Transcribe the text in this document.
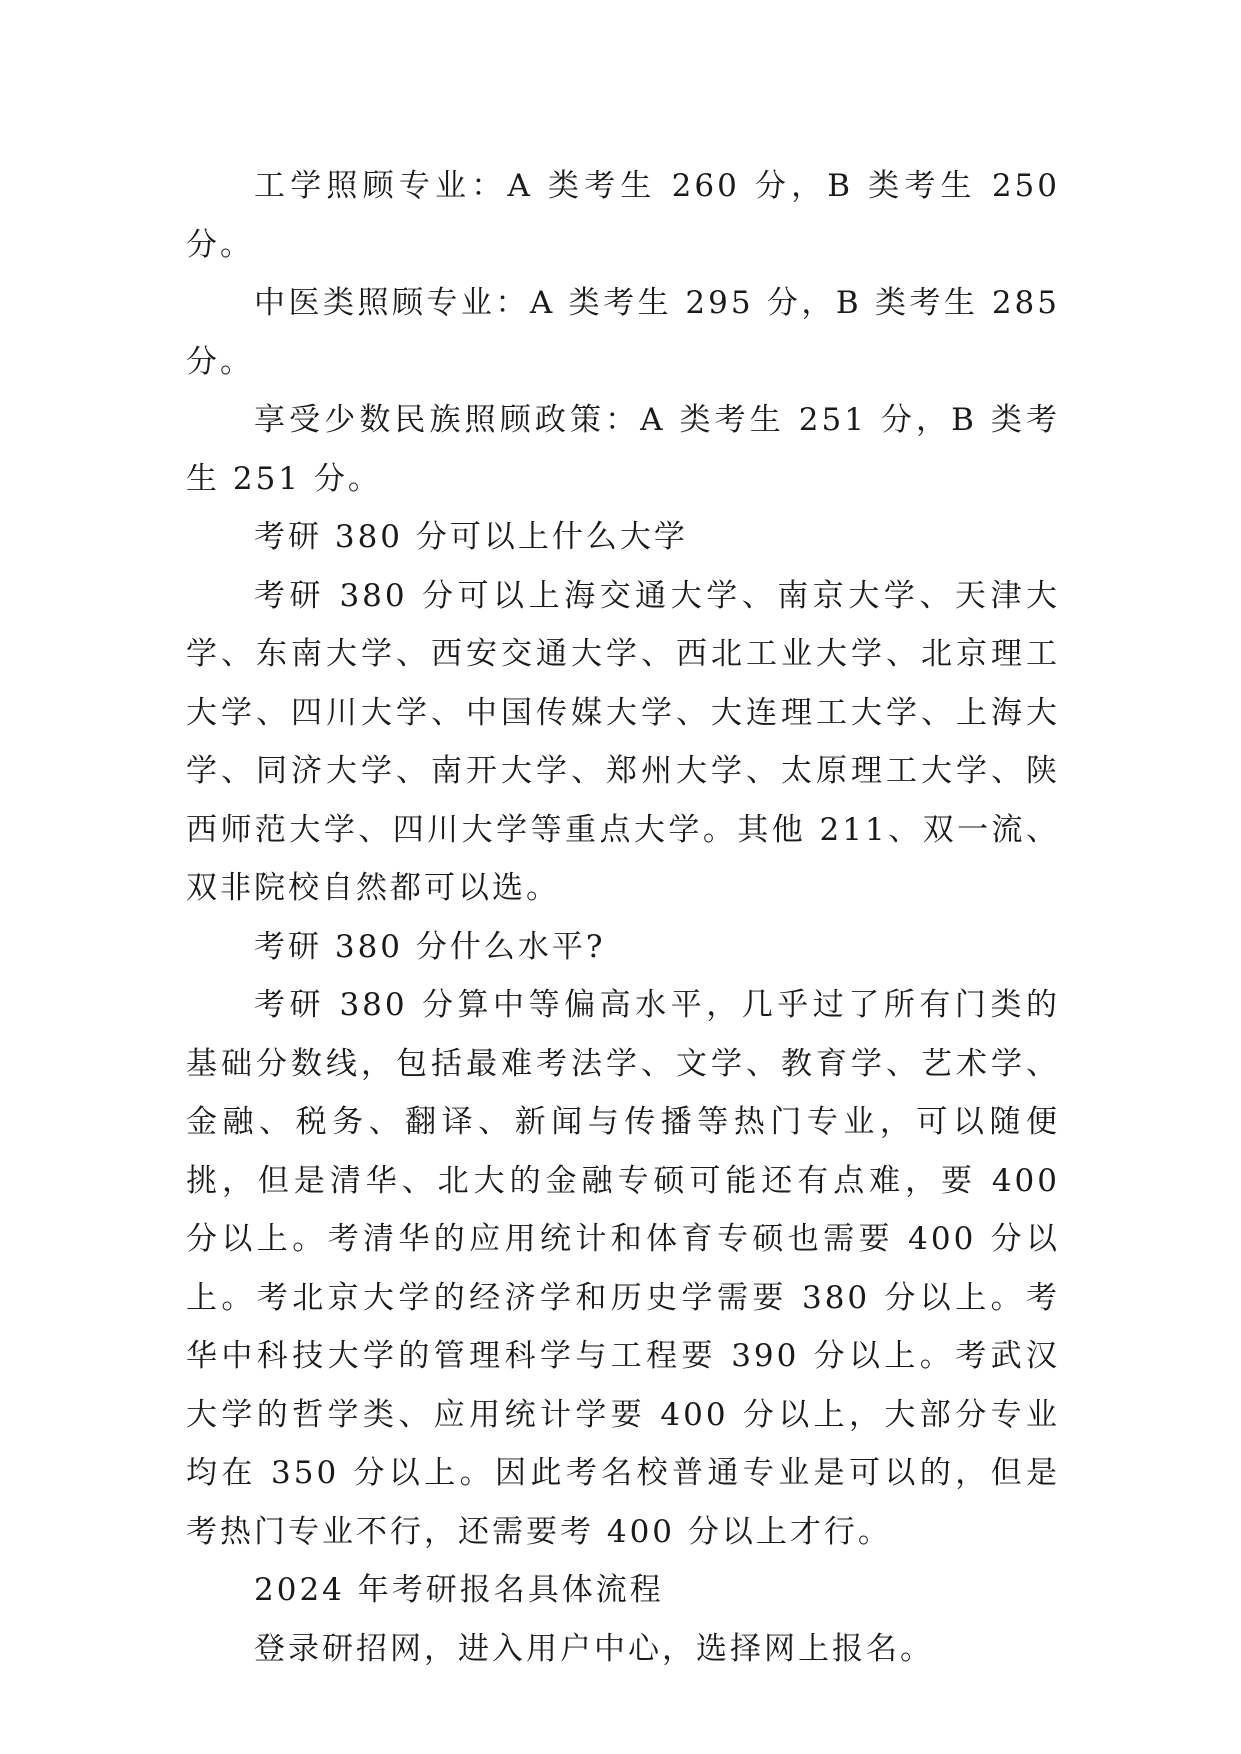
工学照顾专业：A 类考生 260 分，B 类考生 250 分。

中医类照顾专业：A 类考生 295 分，B 类考生 285 分。

享受少数民族照顾政策：A 类考生 251 分，B 类考生 251 分。

考研 380 分可以上什么大学

考研 380 分可以上海交通大学、南京大学、天津大学、东南大学、西安交通大学、西北工业大学、北京理工大学、四川大学、中国传媒大学、大连理工大学、上海大学、同济大学、南开大学、郑州大学、太原理工大学、陕西师范大学、四川大学等重点大学。其他 211、双一流、双非院校自然都可以选。

考研 380 分什么水平?

考研 380 分算中等偏高水平，几乎过了所有门类的基础分数线，包括最难考法学、文学、教育学、艺术学、金融、税务、翻译、新闻与传播等热门专业，可以随便挑，但是清华、北大的金融专硕可能还有点难，要 400 分以上。考清华的应用统计和体育专硕也需要 400 分以上。考北京大学的经济学和历史学需要 380 分以上。考华中科技大学的管理科学与工程要 390 分以上。考武汉大学的哲学类、应用统计学要 400 分以上，大部分专业均在 350 分以上。因此考名校普通专业是可以的，但是考热门专业不行，还需要考 400 分以上才行。

2024 年考研报名具体流程

登录研招网，进入用户中心，选择网上报名。
